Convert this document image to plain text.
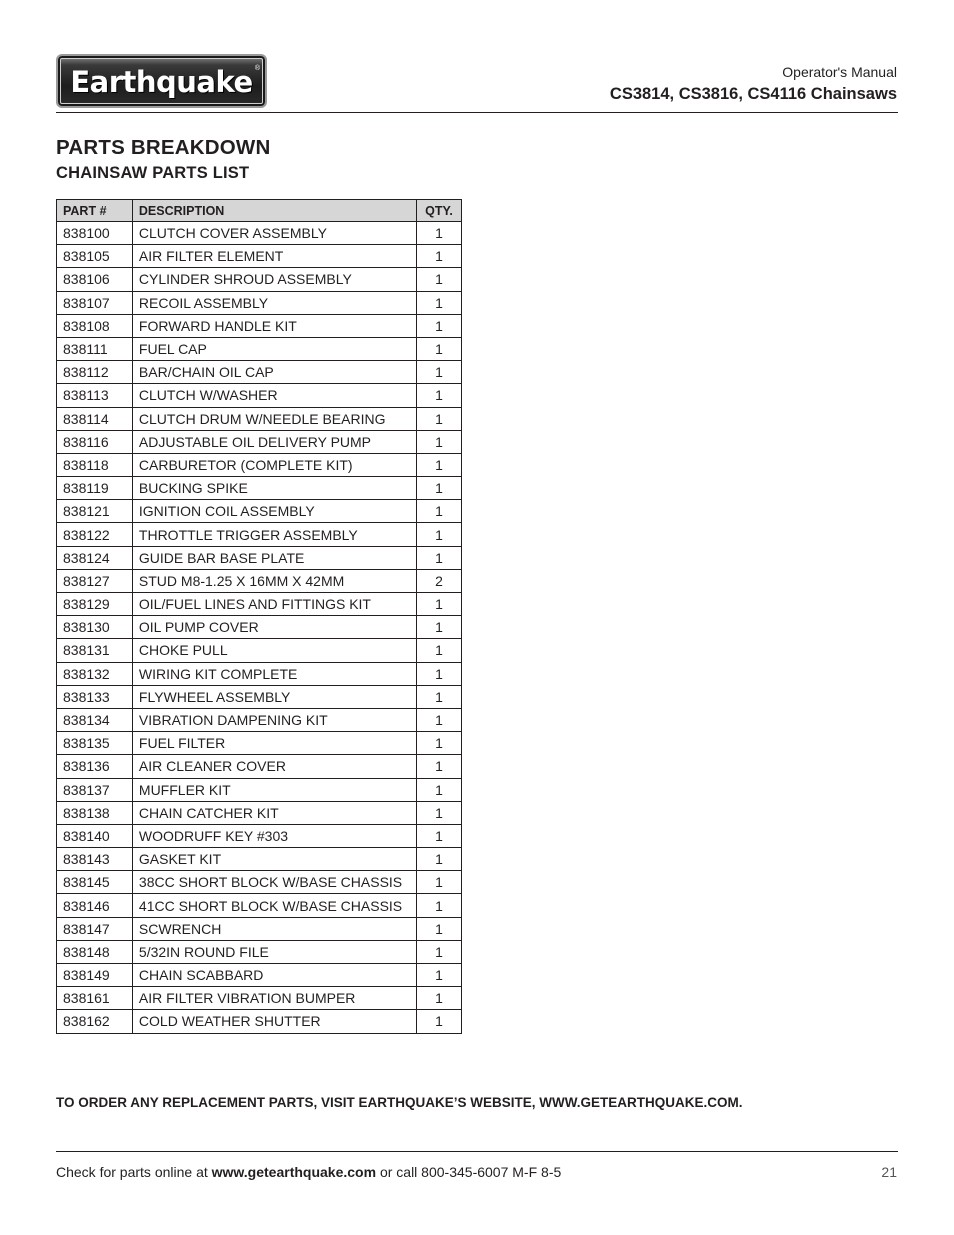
Earthquake ®	Operator's Manual
CS3814, CS3816, CS4116 Chainsaws
PARTS BREAKDOWN
CHAINSAW PARTS LIST
PART #	DESCRIPTION	QTY.
838100	CLUTCH COVER ASSEMBLY	1
838105	AIR FILTER ELEMENT	1
838106	CYLINDER SHROUD ASSEMBLY	1
838107	RECOIL ASSEMBLY	1
838108	FORWARD HANDLE KIT	1
838111	FUEL CAP	1
838112	BAR/CHAIN OIL CAP	1
838113	CLUTCH W/WASHER	1
838114	CLUTCH DRUM W/NEEDLE BEARING	1
838116	ADJUSTABLE OIL DELIVERY PUMP	1
838118	CARBURETOR (COMPLETE KIT)	1
838119	BUCKING SPIKE	1
838121	IGNITION COIL ASSEMBLY	1
838122	THROTTLE TRIGGER ASSEMBLY	1
838124	GUIDE BAR BASE PLATE	1
838127	STUD M8-1.25 X 16MM X 42MM	2
838129	OIL/FUEL LINES AND FITTINGS KIT	1
838130	OIL PUMP COVER	1
838131	CHOKE PULL	1
838132	WIRING KIT COMPLETE	1
838133	FLYWHEEL ASSEMBLY	1
838134	VIBRATION DAMPENING KIT	1
838135	FUEL FILTER	1
838136	AIR CLEANER COVER	1
838137	MUFFLER KIT	1
838138	CHAIN CATCHER KIT	1
838140	WOODRUFF KEY #303	1
838143	GASKET KIT	1
838145	38CC SHORT BLOCK W/BASE CHASSIS	1
838146	41CC SHORT BLOCK W/BASE CHASSIS	1
838147	SCWRENCH	1
838148	5/32IN ROUND FILE	1
838149	CHAIN SCABBARD	1
838161	AIR FILTER VIBRATION BUMPER	1
838162	COLD WEATHER SHUTTER	1
TO ORDER ANY REPLACEMENT PARTS, VISIT EARTHQUAKE’S WEBSITE, WWW.GETEARTHQUAKE.COM.
Check for parts online at www.getearthquake.com or call 800-345-6007 M-F 8-5	21
